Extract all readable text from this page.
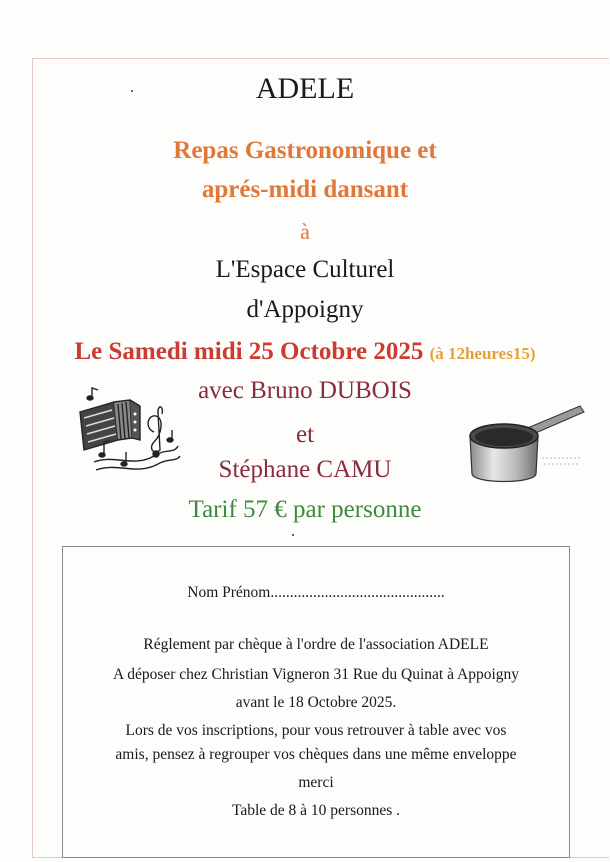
ADELE
Repas Gastronomique et
aprés-midi dansant
à
L'Espace Culturel
d'Appoigny
Le Samedi midi 25 Octobre 2025 (à 12heures15)
avec Bruno DUBOIS
et
Stéphane CAMU
Tarif 57 € par personne
Nom Prénom.............................................
Réglement par chèque à l'ordre de l'association ADELE
A déposer chez Christian Vigneron 31 Rue du Quinat à Appoigny
avant le 18 Octobre 2025.
Lors de vos inscriptions, pour vous retrouver à table avec vos
amis, pensez à regrouper vos chèques dans une même enveloppe
merci
Table de 8 à 10 personnes .
